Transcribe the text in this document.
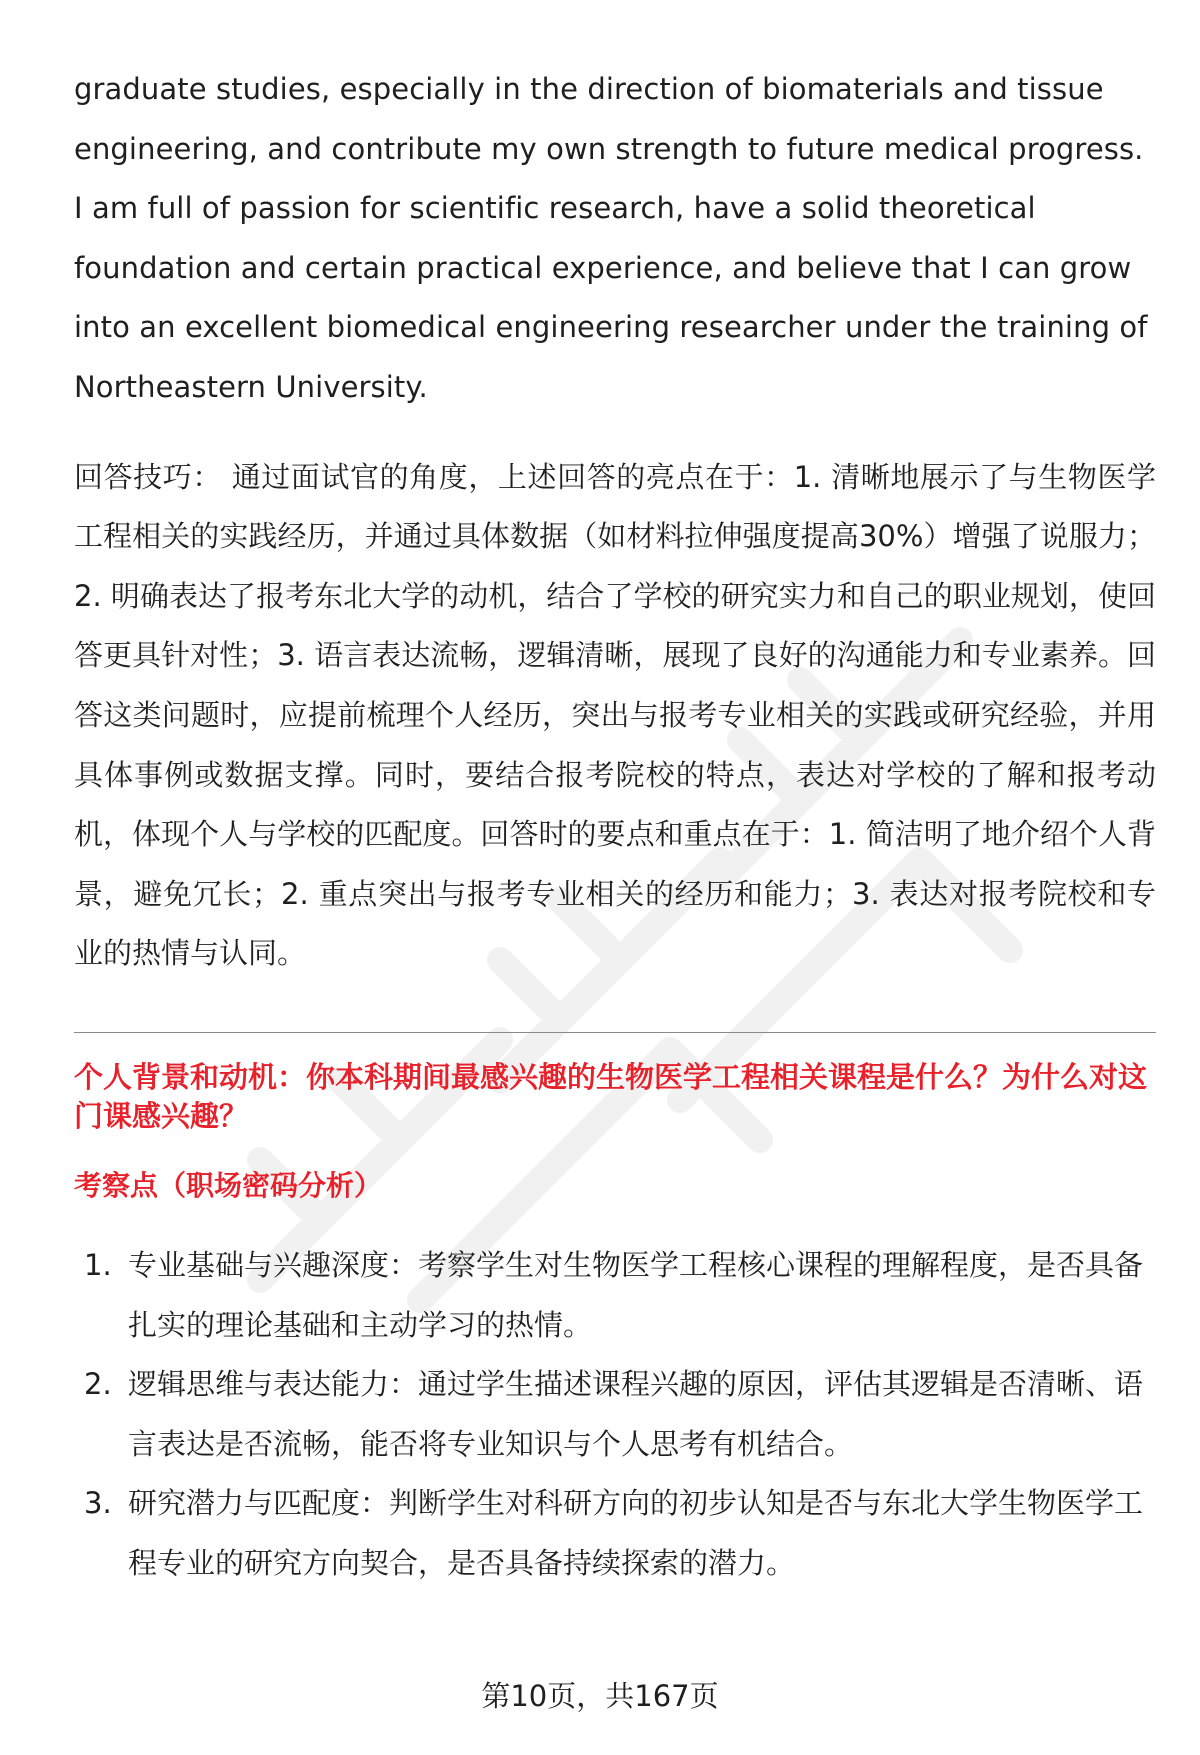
graduate studies, especially in the direction of biomaterials and tissue engineering, and contribute my own strength to future medical progress. I am full of passion for scientific research, have a solid theoretical foundation and certain practical experience, and believe that I can grow into an excellent biomedical engineering researcher under the training of Northeastern University.

回答技巧： 通过面试官的角度，上述回答的亮点在于：1. 清晰地展示了与生物医学工程相关的实践经历，并通过具体数据（如材料拉伸强度提高30%）增强了说服力；2. 明确表达了报考东北大学的动机，结合了学校的研究实力和自己的职业规划，使回答更具针对性；3. 语言表达流畅，逻辑清晰，展现了良好的沟通能力和专业素养。回答这类问题时，应提前梳理个人经历，突出与报考专业相关的实践或研究经验，并用具体事例或数据支撑。同时，要结合报考院校的特点，表达对学校的了解和报考动机，体现个人与学校的匹配度。回答时的要点和重点在于：1. 简洁明了地介绍个人背景，避免冗长；2. 重点突出与报考专业相关的经历和能力；3. 表达对报考院校和专业的热情与认同。

个人背景和动机：你本科期间最感兴趣的生物医学工程相关课程是什么？为什么对这门课感兴趣？
考察点（职场密码分析）
1. 专业基础与兴趣深度：考察学生对生物医学工程核心课程的理解程度，是否具备扎实的理论基础和主动学习的热情。
2. 逻辑思维与表达能力：通过学生描述课程兴趣的原因，评估其逻辑是否清晰、语言表达是否流畅，能否将专业知识与个人思考有机结合。
3. 研究潜力与匹配度：判断学生对科研方向的初步认知是否与东北大学生物医学工程专业的研究方向契合，是否具备持续探索的潜力。
第10页，共167页
